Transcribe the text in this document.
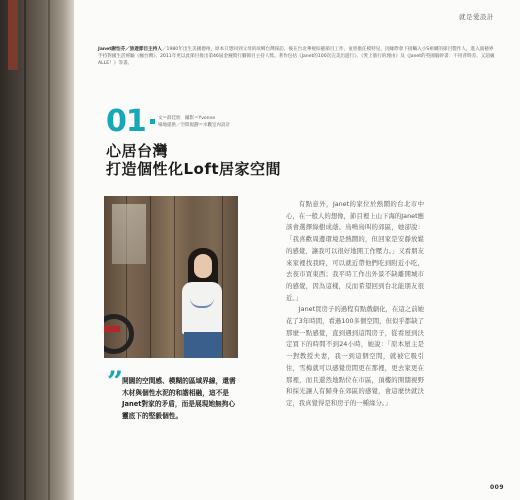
就是愛設計
Janet謝怡芬／旅遊節目主持人／1980年出生美國德州，原本只想回到父母的故鄉台灣探訪，後在台北華視綜藝節目工作，並曾擔任模特兒，因緣際會下接觸入小S祖爾的節目製作人，進入演藝界手持對國生活經驗《瘋台灣》，2011年更以此節目推出第46屆金鐘獎行腳節目主持人獎。著作包括《Janet的100次完美出遊行》、《愛上旅行的理由》及《Janet的英國腦幹書：不用背時差、又超級ALLE！》等書。
01	文＝薛佳欣　攝影＝Yvonne
場地提供／空間規劃＝水觀室內設計
心居台灣
打造個性化Loft居家空間
”
開闊的空間感、模糊的區域界線，還需木材與個性水泥的和諧相融，這不是Janet對家的矛盾，而是展現她無拘心靈底下的堅毅個性。

有點意外，Janet的家位於熱鬧的台北市中心，在一般人的想像，節目裡上山下海的Janet應該會選擇綠樹成蔭、鳥鳴鳥叫的郊區，她卻說：「我喜歡周邊環境是熱鬧的，但回家是安靜放鬆的感覺，讓我可以很好地開工作壓力。」又看朋友來家裡找我時，可以就近帶他們吃到附近小吃，去夜市買東西；我平時工作出外景不缺離開城市的感覺，因為這樣，反而希望回到台北能朋友很近。」

Janet買房子的過程有點戲劇化，在這之前她花了3年時間，看過100多個空間，但似乎都缺了那麼一點感覺，直到遇到這間房子，從看屋到決定買下的時間不到24小時，她說：「原本屋主是一對教授夫妻，我一到這個空間，就被它吸引住，雪梅就可以感覺房間更在那裡，更去家更在那裡，而且還然地點位在市區，頂樓的開闊視野和採光讓人有歸身在郊區的感覺，會這麼快就決定，我真覺得是和房子的一種緣分。」

009
